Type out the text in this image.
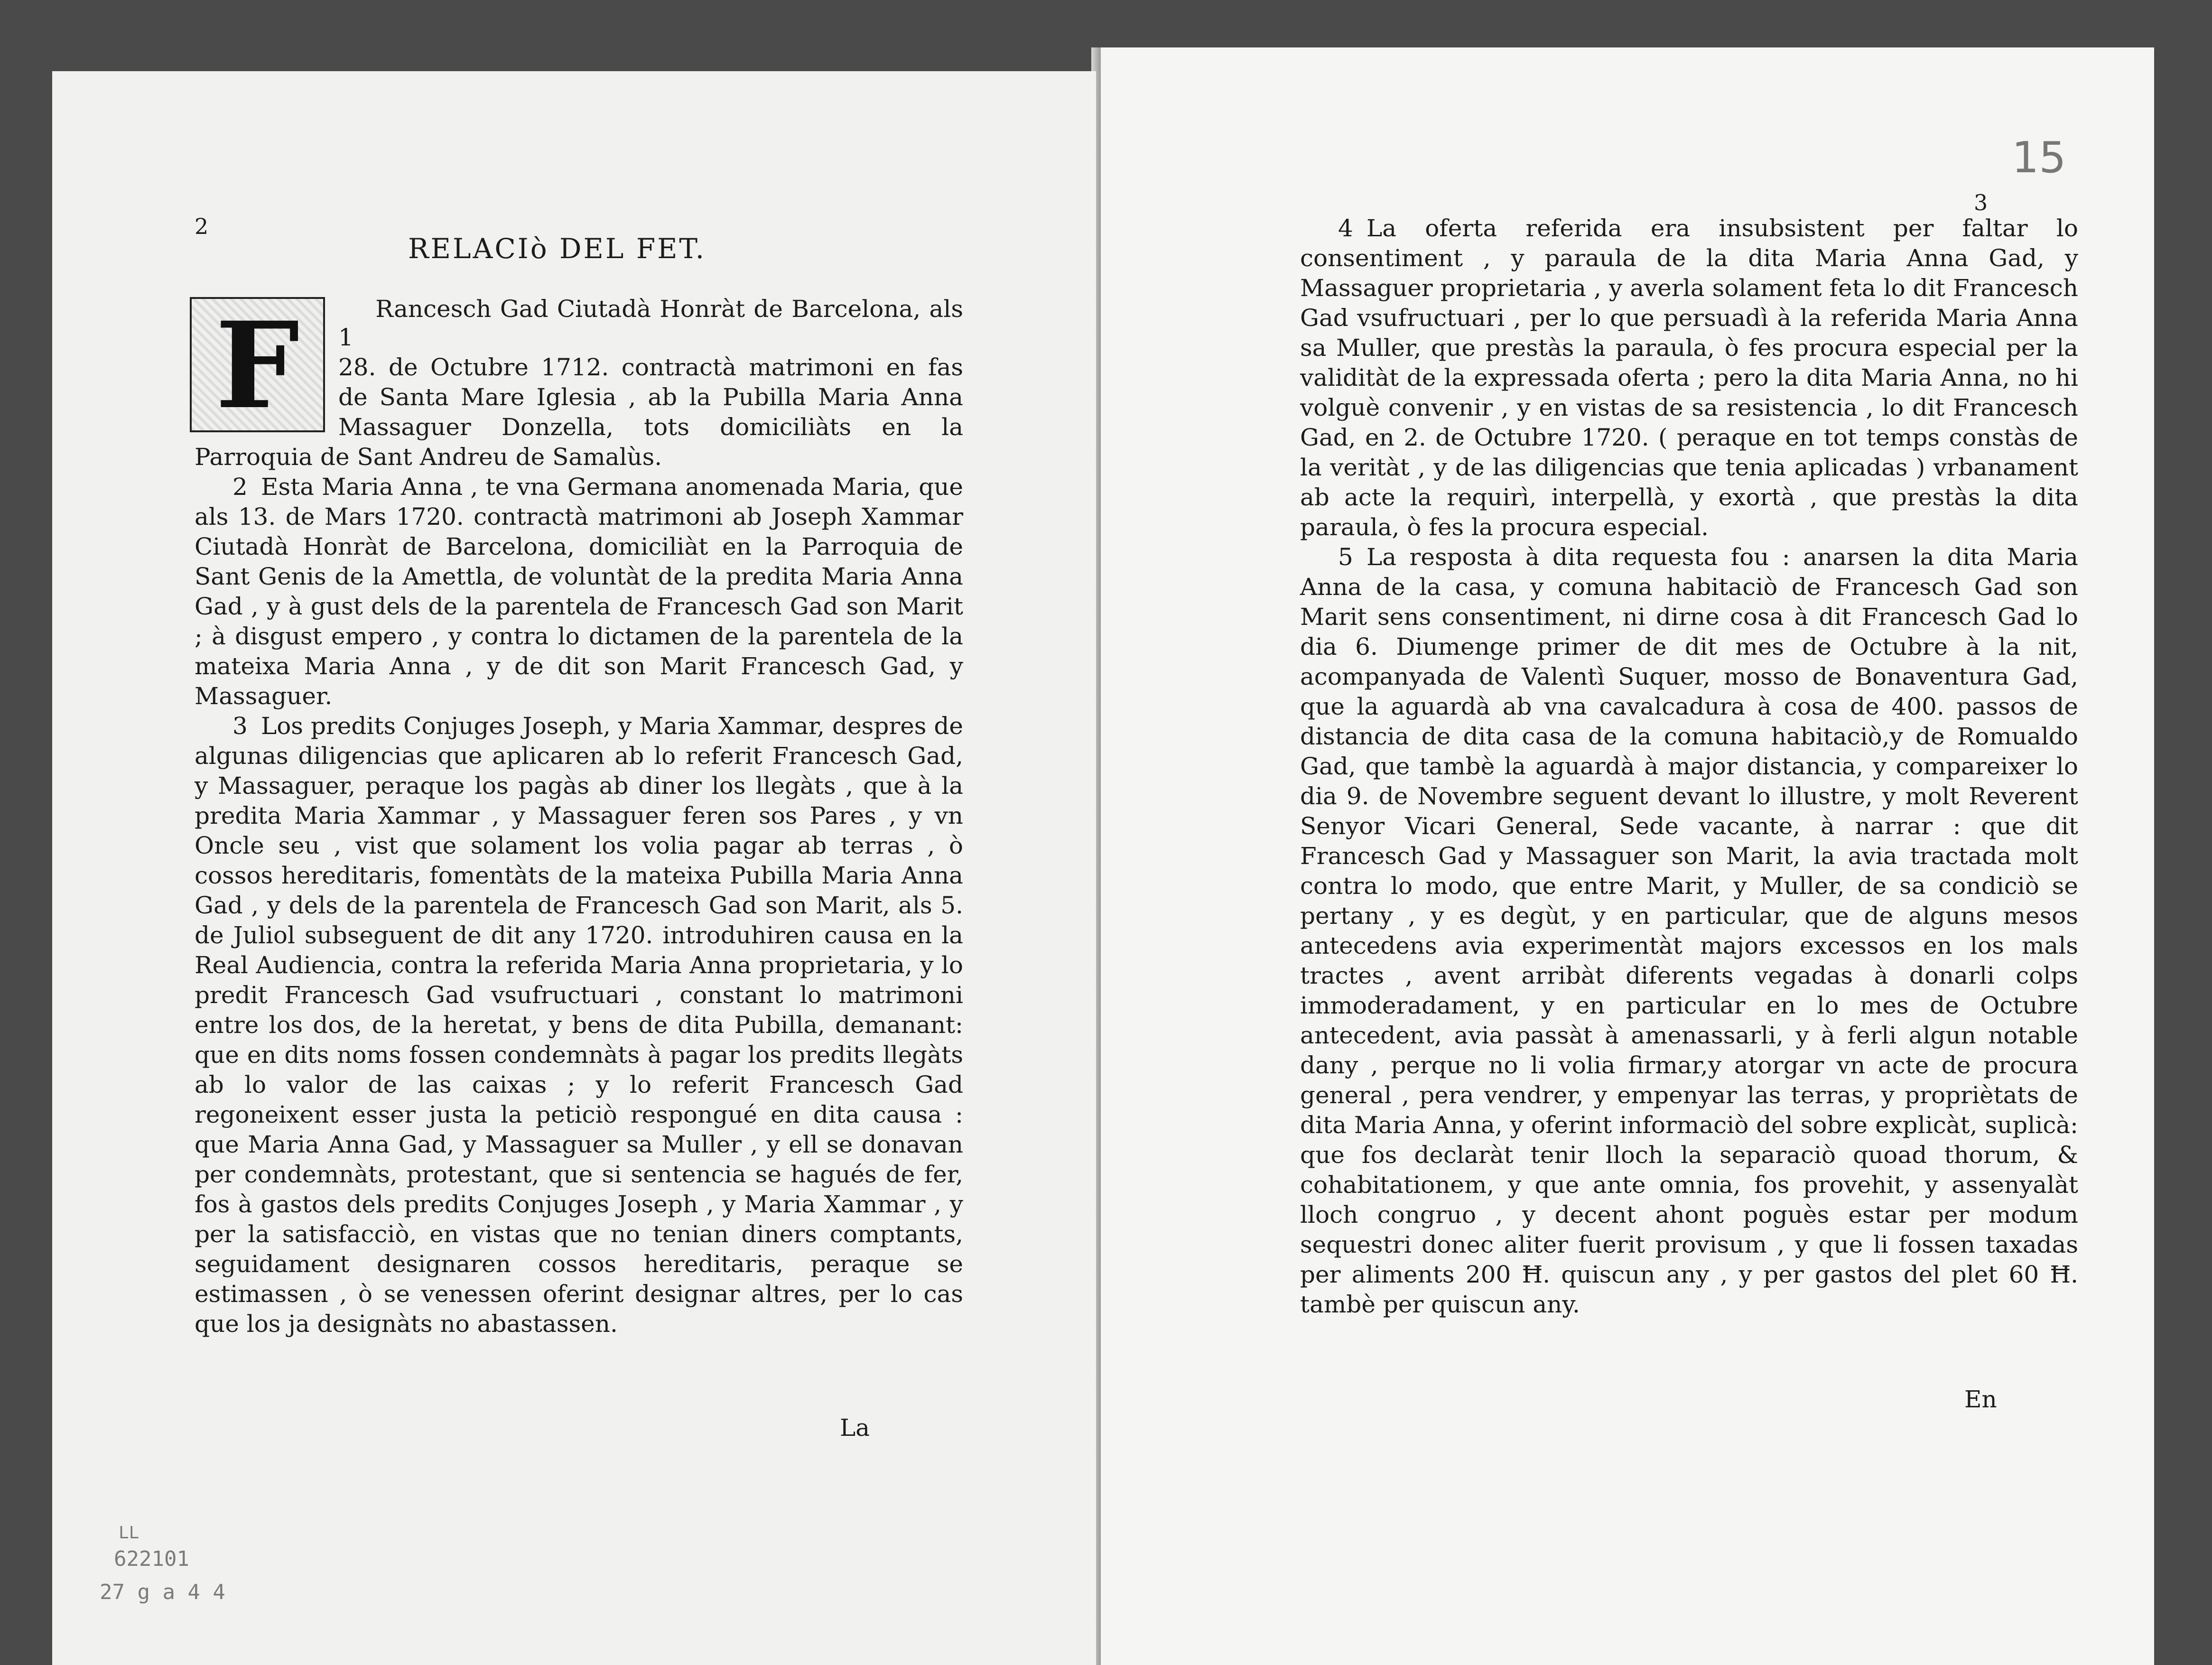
2
RELACIò DEL FET.

1
F	Rancesch Gad Ciutadà Honràt de Barcelona, als 28. de Octubre 1712. contractà matrimoni en fas de Santa Mare Iglesia , ab la Pubilla Maria Anna Massaguer Donzella, tots domiciliàts en la Parroquia de Sant Andreu de Samalùs.

2 Esta Maria Anna , te vna Germana anomenada Maria, que als 13. de Mars 1720. contractà matrimoni ab Joseph Xammar Ciutadà Honràt de Barcelona, domiciliàt en la Parroquia de Sant Genis de la Amettla, de voluntàt de la predita Maria Anna Gad , y à gust dels de la parentela de Francesch Gad son Marit ; à disgust empero , y contra lo dictamen de la parentela de la mateixa Maria Anna , y de dit son Marit Francesch Gad, y Massaguer.

3 Los predits Conjuges Joseph, y Maria Xammar, despres de algunas diligencias que aplicaren ab lo referit Francesch Gad, y Massaguer, peraque los pagàs ab diner los llegàts , que à la predita Maria Xammar , y Massaguer feren sos Pares , y vn Oncle seu , vist que solament los volia pagar ab terras , ò cossos hereditaris, fomentàts de la mateixa Pubilla Maria Anna Gad , y dels de la parentela de Francesch Gad son Marit, als 5. de Juliol subseguent de dit any 1720. introduhiren causa en la Real Audiencia, contra la referida Maria Anna proprietaria, y lo predit Francesch Gad vsufructuari , constant lo matrimoni entre los dos, de la heretat, y bens de dita Pubilla, demanant: que en dits noms fossen condemnàts à pagar los predits llegàts ab lo valor de las caixas ; y lo referit Francesch Gad regoneixent esser justa la peticiò respongué en dita causa : que Maria Anna Gad, y Massaguer sa Muller , y ell se donavan per condemnàts, protestant, que si sentencia se hagués de fer, fos à gastos dels predits Conjuges Joseph , y Maria Xammar , y per la satisfacciò, en vistas que no tenian diners comptants, seguidament designaren cossos hereditaris, peraque se estimassen , ò se venessen oferint designar altres, per lo cas que los ja designàts no abastassen.

La
LL
622101
27 g a 4 4
15
3

4 La oferta referida era insubsistent per faltar lo consentiment , y paraula de la dita Maria Anna Gad, y Massaguer proprietaria , y averla solament feta lo dit Francesch Gad vsufructuari , per lo que persuadì à la referida Maria Anna sa Muller, que prestàs la paraula, ò fes procura especial per la validitàt de la expressada oferta ; pero la dita Maria Anna, no hi volguè convenir , y en vistas de sa resistencia , lo dit Francesch Gad, en 2. de Octubre 1720. ( peraque en tot temps constàs de la veritàt , y de las diligencias que tenia aplicadas ) vrbanament ab acte la requirì, interpellà, y exortà , que prestàs la dita paraula, ò fes la procura especial.

5 La resposta à dita requesta fou : anarsen la dita Maria Anna de la casa, y comuna habitaciò de Francesch Gad son Marit sens consentiment, ni dirne cosa à dit Francesch Gad lo dia 6. Diumenge primer de dit mes de Octubre à la nit, acompanyada de Valentì Suquer, mosso de Bonaventura Gad, que la aguardà ab vna cavalcadura à cosa de 400. passos de distancia de dita casa de la comuna habitaciò,y de Romualdo Gad, que tambè la aguardà à major distancia, y compareixer lo dia 9. de Novembre seguent devant lo illustre, y molt Reverent Senyor Vicari General, Sede vacante, à narrar : que dit Francesch Gad y Massaguer son Marit, la avia tractada molt contra lo modo, que entre Marit, y Muller, de sa condiciò se pertany , y es degùt, y en particular, que de alguns mesos antecedens avia experimentàt majors excessos en los mals tractes , avent arribàt diferents vegadas à donarli colps immoderadament, y en particular en lo mes de Octubre antecedent, avia passàt à amenassarli, y à ferli algun notable dany , perque no li volia firmar,y atorgar vn acte de procura general , pera vendrer, y empenyar las terras, y propriètats de dita Maria Anna, y oferint informaciò del sobre explicàt, suplicà: que fos declaràt tenir lloch la separaciò quoad thorum, & cohabitationem, y que ante omnia, fos provehit, y assenyalàt lloch congruo , y decent ahont poguès estar per modum sequestri donec aliter fuerit provisum , y que li fossen taxadas per aliments 200 Ħ. quiscun any , y per gastos del plet 60 Ħ. tambè per quiscun any.

En
